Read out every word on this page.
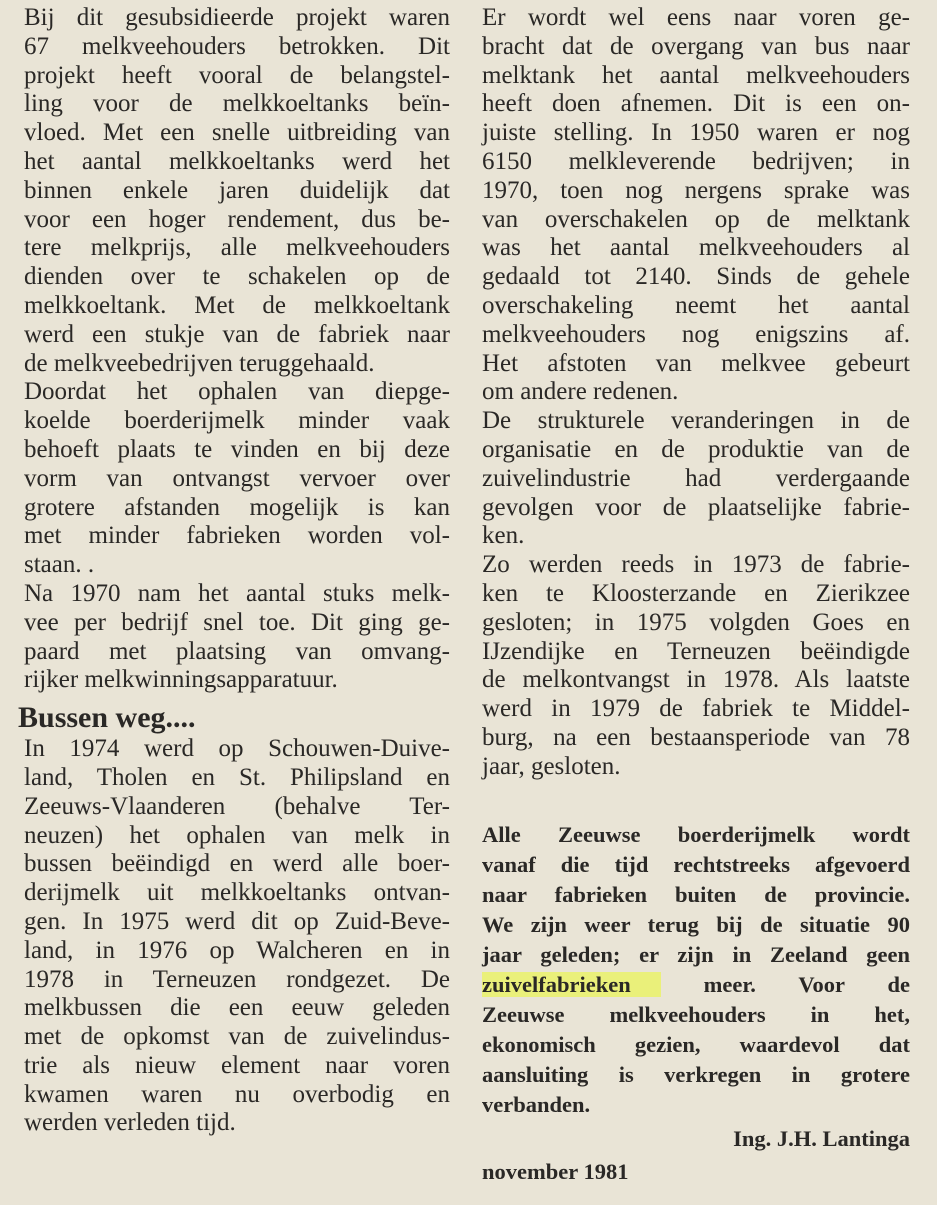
Bij dit gesubsidieerde projekt waren
67 melkveehouders betrokken. Dit
projekt heeft vooral de belangstel-
ling voor de melkkoeltanks beïn-
vloed. Met een snelle uitbreiding van
het aantal melkkoeltanks werd het
binnen enkele jaren duidelijk dat
voor een hoger rendement, dus be-
tere melkprijs, alle melkveehouders
dienden over te schakelen op de
melkkoeltank. Met de melkkoeltank
werd een stukje van de fabriek naar
de melkveebedrijven teruggehaald.

Doordat het ophalen van diepge-
koelde boerderijmelk minder vaak
behoeft plaats te vinden en bij deze
vorm van ontvangst vervoer over
grotere afstanden mogelijk is kan
met minder fabrieken worden vol-
staan. .

Na 1970 nam het aantal stuks melk-
vee per bedrijf snel toe. Dit ging ge-
paard met plaatsing van omvang-
rijker melkwinningsapparatuur.

Bussen weg....

In 1974 werd op Schouwen-Duive-
land, Tholen en St. Philipsland en
Zeeuws-Vlaanderen (behalve Ter-
neuzen) het ophalen van melk in
bussen beëindigd en werd alle boer-
derijmelk uit melkkoeltanks ontvan-
gen. In 1975 werd dit op Zuid-Beve-
land, in 1976 op Walcheren en in
1978 in Terneuzen rondgezet. De
melkbussen die een eeuw geleden
met de opkomst van de zuivelindus-
trie als nieuw element naar voren
kwamen waren nu overbodig en
werden verleden tijd.

Er wordt wel eens naar voren ge-
bracht dat de overgang van bus naar
melktank het aantal melkveehouders
heeft doen afnemen. Dit is een on-
juiste stelling. In 1950 waren er nog
6150 melkleverende bedrijven; in
1970, toen nog nergens sprake was
van overschakelen op de melktank
was het aantal melkveehouders al
gedaald tot 2140. Sinds de gehele
overschakeling neemt het aantal
melkveehouders nog enigszins af.
Het afstoten van melkvee gebeurt
om andere redenen.

De strukturele veranderingen in de
organisatie en de produktie van de
zuivelindustrie had verdergaande
gevolgen voor de plaatselijke fabrie-
ken.

Zo werden reeds in 1973 de fabrie-
ken te Kloosterzande en Zierikzee
gesloten; in 1975 volgden Goes en
IJzendijke en Terneuzen beëindigde
de melkontvangst in 1978. Als laatste
werd in 1979 de fabriek te Middel-
burg, na een bestaansperiode van 78
jaar, gesloten.

Alle Zeeuwse boerderijmelk wordt
vanaf die tijd rechtstreeks afgevoerd
naar fabrieken buiten de provincie.
We zijn weer terug bij de situatie 90
jaar geleden; er zijn in Zeeland geen
zuivelfabrieken	meer. Voor de
Zeeuwse melkveehouders in het,
ekonomisch gezien, waardevol dat
aansluiting is verkregen in grotere
verbanden.
Ing. J.H. Lantinga
november 1981
